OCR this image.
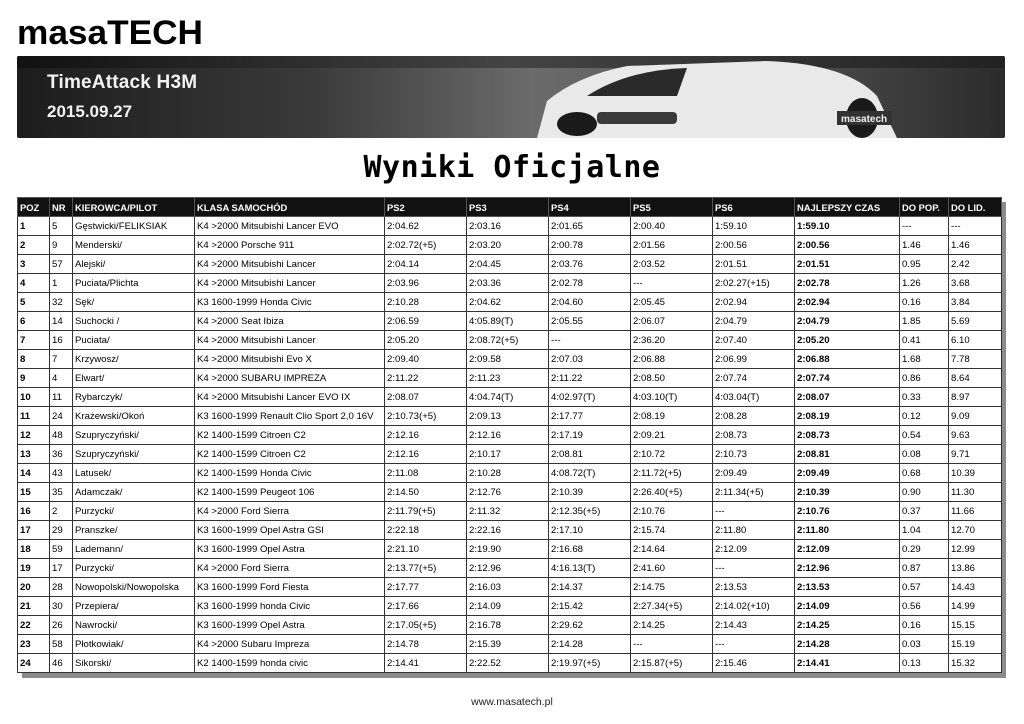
masaTECH
masatech
TimeAttack H3M
2015.09.27
Wyniki Oficjalne
POZ	NR	KIEROWCA/PILOT	KLASA SAMOCHÓD	PS2	PS3	PS4	PS5	PS6	NAJLEPSZY CZAS	DO POP.	DO LID.
1	5	Gęstwicki/FELIKSIAK	K4 >2000 Mitsubishi Lancer EVO	2:04.62	2:03.16	2:01.65	2:00.40	1:59.10	1:59.10	---	---
2	9	Menderski/	K4 >2000 Porsche 911	2:02.72(+5)	2:03.20	2:00.78	2:01.56	2:00.56	2:00.56	1.46	1.46
3	57	Alejski/	K4 >2000 Mitsubishi Lancer	2:04.14	2:04.45	2:03.76	2:03.52	2:01.51	2:01.51	0.95	2.42
4	1	Puciata/Plichta	K4 >2000 Mitsubishi Lancer	2:03.96	2:03.36	2:02.78	---	2:02.27(+15)	2:02.78	1.26	3.68
5	32	Sęk/	K3 1600-1999 Honda Civic	2:10.28	2:04.62	2:04.60	2:05.45	2:02.94	2:02.94	0.16	3.84
6	14	Suchocki /	K4 >2000 Seat Ibiza	2:06.59	4:05.89(T)	2:05.55	2:06.07	2:04.79	2:04.79	1.85	5.69
7	16	Puciata/	K4 >2000 Mitsubishi Lancer	2:05.20	2:08.72(+5)	---	2:36.20	2:07.40	2:05.20	0.41	6.10
8	7	Krzywosz/	K4 >2000 Mitsubishi Evo X	2:09.40	2:09.58	2:07.03	2:06.88	2:06.99	2:06.88	1.68	7.78
9	4	Elwart/	K4 >2000 SUBARU IMPREZA	2:11.22	2:11.23	2:11.22	2:08.50	2:07.74	2:07.74	0.86	8.64
10	11	Rybarczyk/	K4 >2000 Mitsubishi Lancer EVO IX	2:08.07	4:04.74(T)	4:02.97(T)	4:03.10(T)	4:03.04(T)	2:08.07	0.33	8.97
11	24	Krażewski/Okoń	K3 1600-1999 Renault Clio Sport 2,0 16V	2:10.73(+5)	2:09.13	2:17.77	2:08.19	2:08.28	2:08.19	0.12	9.09
12	48	Szupryczyński/	K2 1400-1599 Citroen C2	2:12.16	2:12.16	2:17.19	2:09.21	2:08.73	2:08.73	0.54	9.63
13	36	Szupryczyński/	K2 1400-1599 Citroen C2	2:12.16	2:10.17	2:08.81	2:10.72	2:10.73	2:08.81	0.08	9.71
14	43	Latusek/	K2 1400-1599 Honda Civic	2:11.08	2:10.28	4:08.72(T)	2:11.72(+5)	2:09.49	2:09.49	0.68	10.39
15	35	Adamczak/	K2 1400-1599 Peugeot 106	2:14.50	2:12.76	2:10.39	2:26.40(+5)	2:11.34(+5)	2:10.39	0.90	11.30
16	2	Purzycki/	K4 >2000 Ford Sierra	2:11.79(+5)	2:11.32	2:12.35(+5)	2:10.76	---	2:10.76	0.37	11.66
17	29	Pranszke/	K3 1600-1999 Opel Astra GSI	2:22.18	2:22.16	2:17.10	2:15.74	2:11.80	2:11.80	1.04	12.70
18	59	Lademann/	K3 1600-1999 Opel Astra	2:21.10	2:19.90	2:16.68	2:14.64	2:12.09	2:12.09	0.29	12.99
19	17	Purzycki/	K4 >2000 Ford Sierra	2:13.77(+5)	2:12.96	4:16.13(T)	2:41.60	---	2:12.96	0.87	13.86
20	28	Nowopolski/Nowopolska	K3 1600-1999 Ford Fiesta	2:17.77	2:16.03	2:14.37	2:14.75	2:13.53	2:13.53	0.57	14.43
21	30	Przepiera/	K3 1600-1999 honda Civic	2:17.66	2:14.09	2:15.42	2:27.34(+5)	2:14.02(+10)	2:14.09	0.56	14.99
22	26	Nawrocki/	K3 1600-1999 Opel Astra	2:17.05(+5)	2:16.78	2:29.62	2:14.25	2:14.43	2:14.25	0.16	15.15
23	58	Płotkowiak/	K4 >2000 Subaru Impreza	2:14.78	2:15.39	2:14.28	---	---	2:14.28	0.03	15.19
24	46	Sikorski/	K2 1400-1599 honda civic	2:14.41	2:22.52	2:19.97(+5)	2:15.87(+5)	2:15.46	2:14.41	0.13	15.32
www.masatech.pl
